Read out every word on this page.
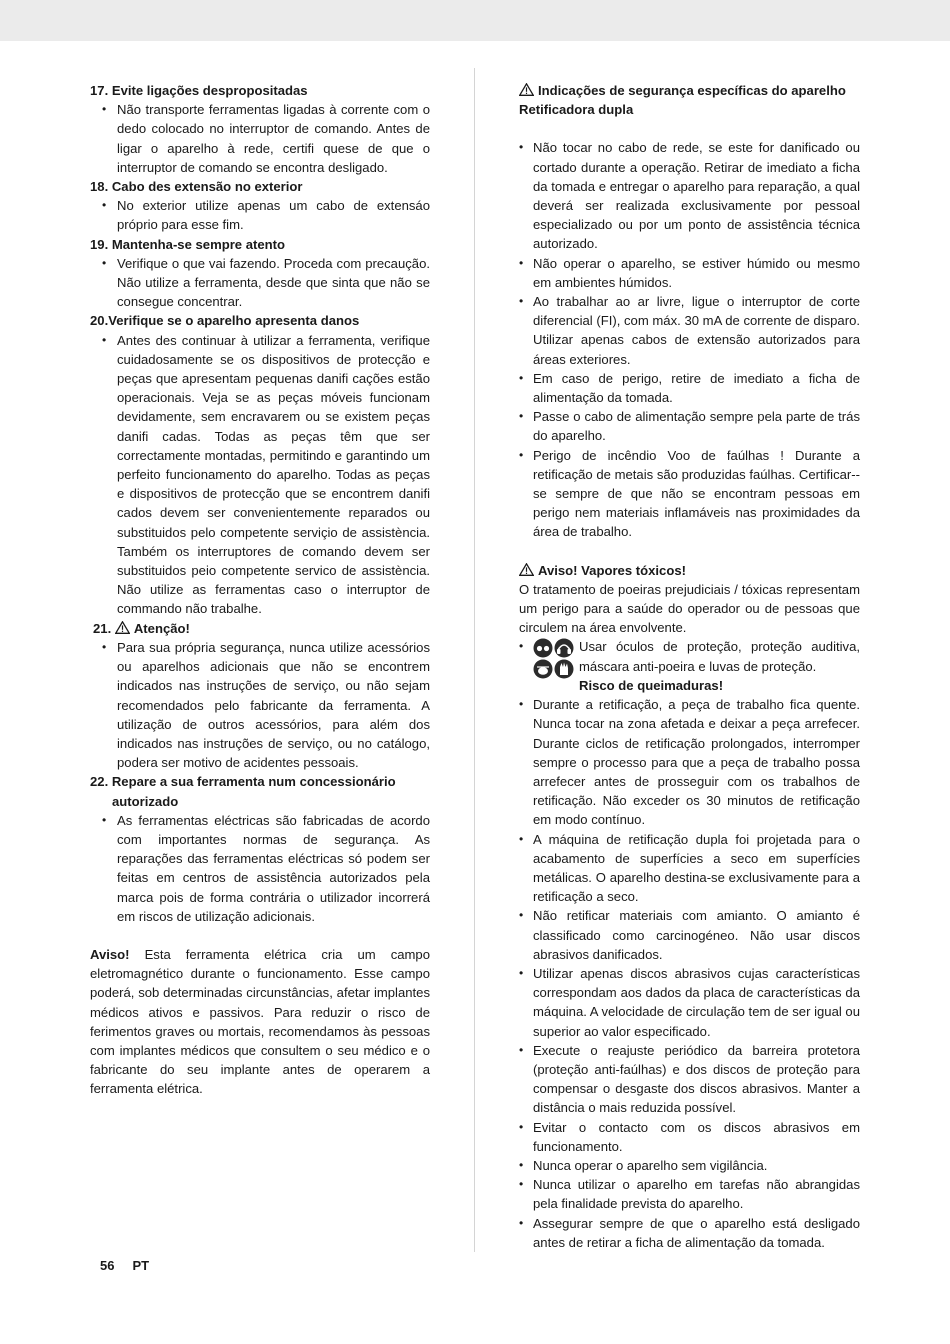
17. Evite ligações despropositadas

• Não transporte ferramentas ligadas à corrente com o dedo colocado no interruptor de comando. Antes de ligar o aparelho à rede, certifi quese de que o interruptor de comando se encontra desligado.

18. Cabo des extensão no exterior

• No exterior utilize apenas um cabo de extensáo próprio para esse fim.

19. Mantenha-se sempre atento

• Verifique o que vai fazendo. Proceda com precaução. Não utilize a ferramenta, desde que sinta que não se consegue concentrar.

20.Verifique se o aparelho apresenta danos

• Antes des continuar à utilizar a ferramenta, verifique cuidadosamente se os dispositivos de protecção e peças que apresentam pequenas danifi cações estão operacionais. Veja se as peças móveis funcionam devidamente, sem encravarem ou se existem peças danifi cadas. Todas as peças têm que ser correctamente montadas, permitindo e garantindo um perfeito funcionamento do aparelho. Todas as peças e dispositivos de protecção que se encontrem danifi cados devem ser convenientemente reparados ou substituidos pelo competente serviçio de assistència. Também os interruptores de comando devem ser substituidos peio competente servico de assistència. Não utilize as ferramentas caso o interruptor de commando não trabalhe.

21. Atenção!

• Para sua própria segurança, nunca utilize acessórios ou aparelhos adicionais que não se encontrem indicados nas instruções de serviço, ou não sejam recomendados pelo fabricante da ferramenta. A utilização de outros acessórios, para além dos indicados nas instruções de serviço, ou no catálogo, podera ser motivo de acidentes pessoais.

22. Repare a sua ferramenta num concessionário autorizado

• As ferramentas eléctricas são fabricadas de acordo com importantes normas de segurança. As reparações das ferramentas eléctricas só podem ser feitas em centros de assistência autorizados pela marca pois de forma contrária o utilizador incorrerá em riscos de utilização adicionais.

Aviso! Esta ferramenta elétrica cria um campo eletromagnético durante o funcionamento. Esse campo poderá, sob determinadas circunstâncias, afetar implantes médicos ativos e passivos. Para reduzir o risco de ferimentos graves ou mortais, recomendamos às pessoas com implantes médicos que consultem o seu médico e o fabricante do seu implante antes de operarem a ferramenta elétrica.

Indicações de segurança específicas do aparelho Retificadora dupla

• Não tocar no cabo de rede, se este for danificado ou cortado durante a operação. Retirar de imediato a ficha da tomada e entregar o aparelho para reparação, a qual deverá ser realizada exclusivamente por pessoal especializado ou por um ponto de assistência técnica autorizado.
• Não operar o aparelho, se estiver húmido ou mesmo em ambientes húmidos.
• Ao trabalhar ao ar livre, ligue o interruptor de corte diferencial (FI), com máx. 30 mA de corrente de disparo. Utilizar apenas cabos de extensão autorizados para áreas exteriores.
• Em caso de perigo, retire de imediato a ficha de alimentação da tomada.
• Passe o cabo de alimentação sempre pela parte de trás do aparelho.
• Perigo de incêndio Voo de faúlhas ! Durante a retificação de metais são produzidas faúlhas. Certificar--se sempre de que não se encontram pessoas em perigo nem materiais inflamáveis nas proximidades da área de trabalho.

Aviso! Vapores tóxicos!

O tratamento de poeiras prejudiciais / tóxicas representam um perigo para a saúde do operador ou de pessoas que circulem na área envolvente.

• Usar óculos de proteção, proteção auditiva, máscara anti-poeira e luvas de proteção.
Risco de queimaduras!
• Durante a retificação, a peça de trabalho fica quente. Nunca tocar na zona afetada e deixar a peça arrefecer. Durante ciclos de retificação prolongados, interromper sempre o processo para que a peça de trabalho possa arrefecer antes de prosseguir com os trabalhos de retificação. Não exceder os 30 minutos de retificação em modo contínuo.
• A máquina de retificação dupla foi projetada para o acabamento de superfícies a seco em superfícies metálicas. O aparelho destina-se exclusivamente para a retificação a seco.
• Não retificar materiais com amianto. O amianto é classificado como carcinogéneo. Não usar discos abrasivos danificados.
• Utilizar apenas discos abrasivos cujas características correspondam aos dados da placa de características da máquina. A velocidade de circulação tem de ser igual ou superior ao valor especificado.
• Execute o reajuste periódico da barreira protetora (proteção anti-faúlhas) e dos discos de proteção para compensar o desgaste dos discos abrasivos. Manter a distância o mais reduzida possível.
• Evitar o contacto com os discos abrasivos em funcionamento.
• Nunca operar o aparelho sem vigilância.
• Nunca utilizar o aparelho em tarefas não abrangidas pela finalidade prevista do aparelho.
• Assegurar sempre de que o aparelho está desligado antes de retirar a ficha de alimentação da tomada.
56 PT
